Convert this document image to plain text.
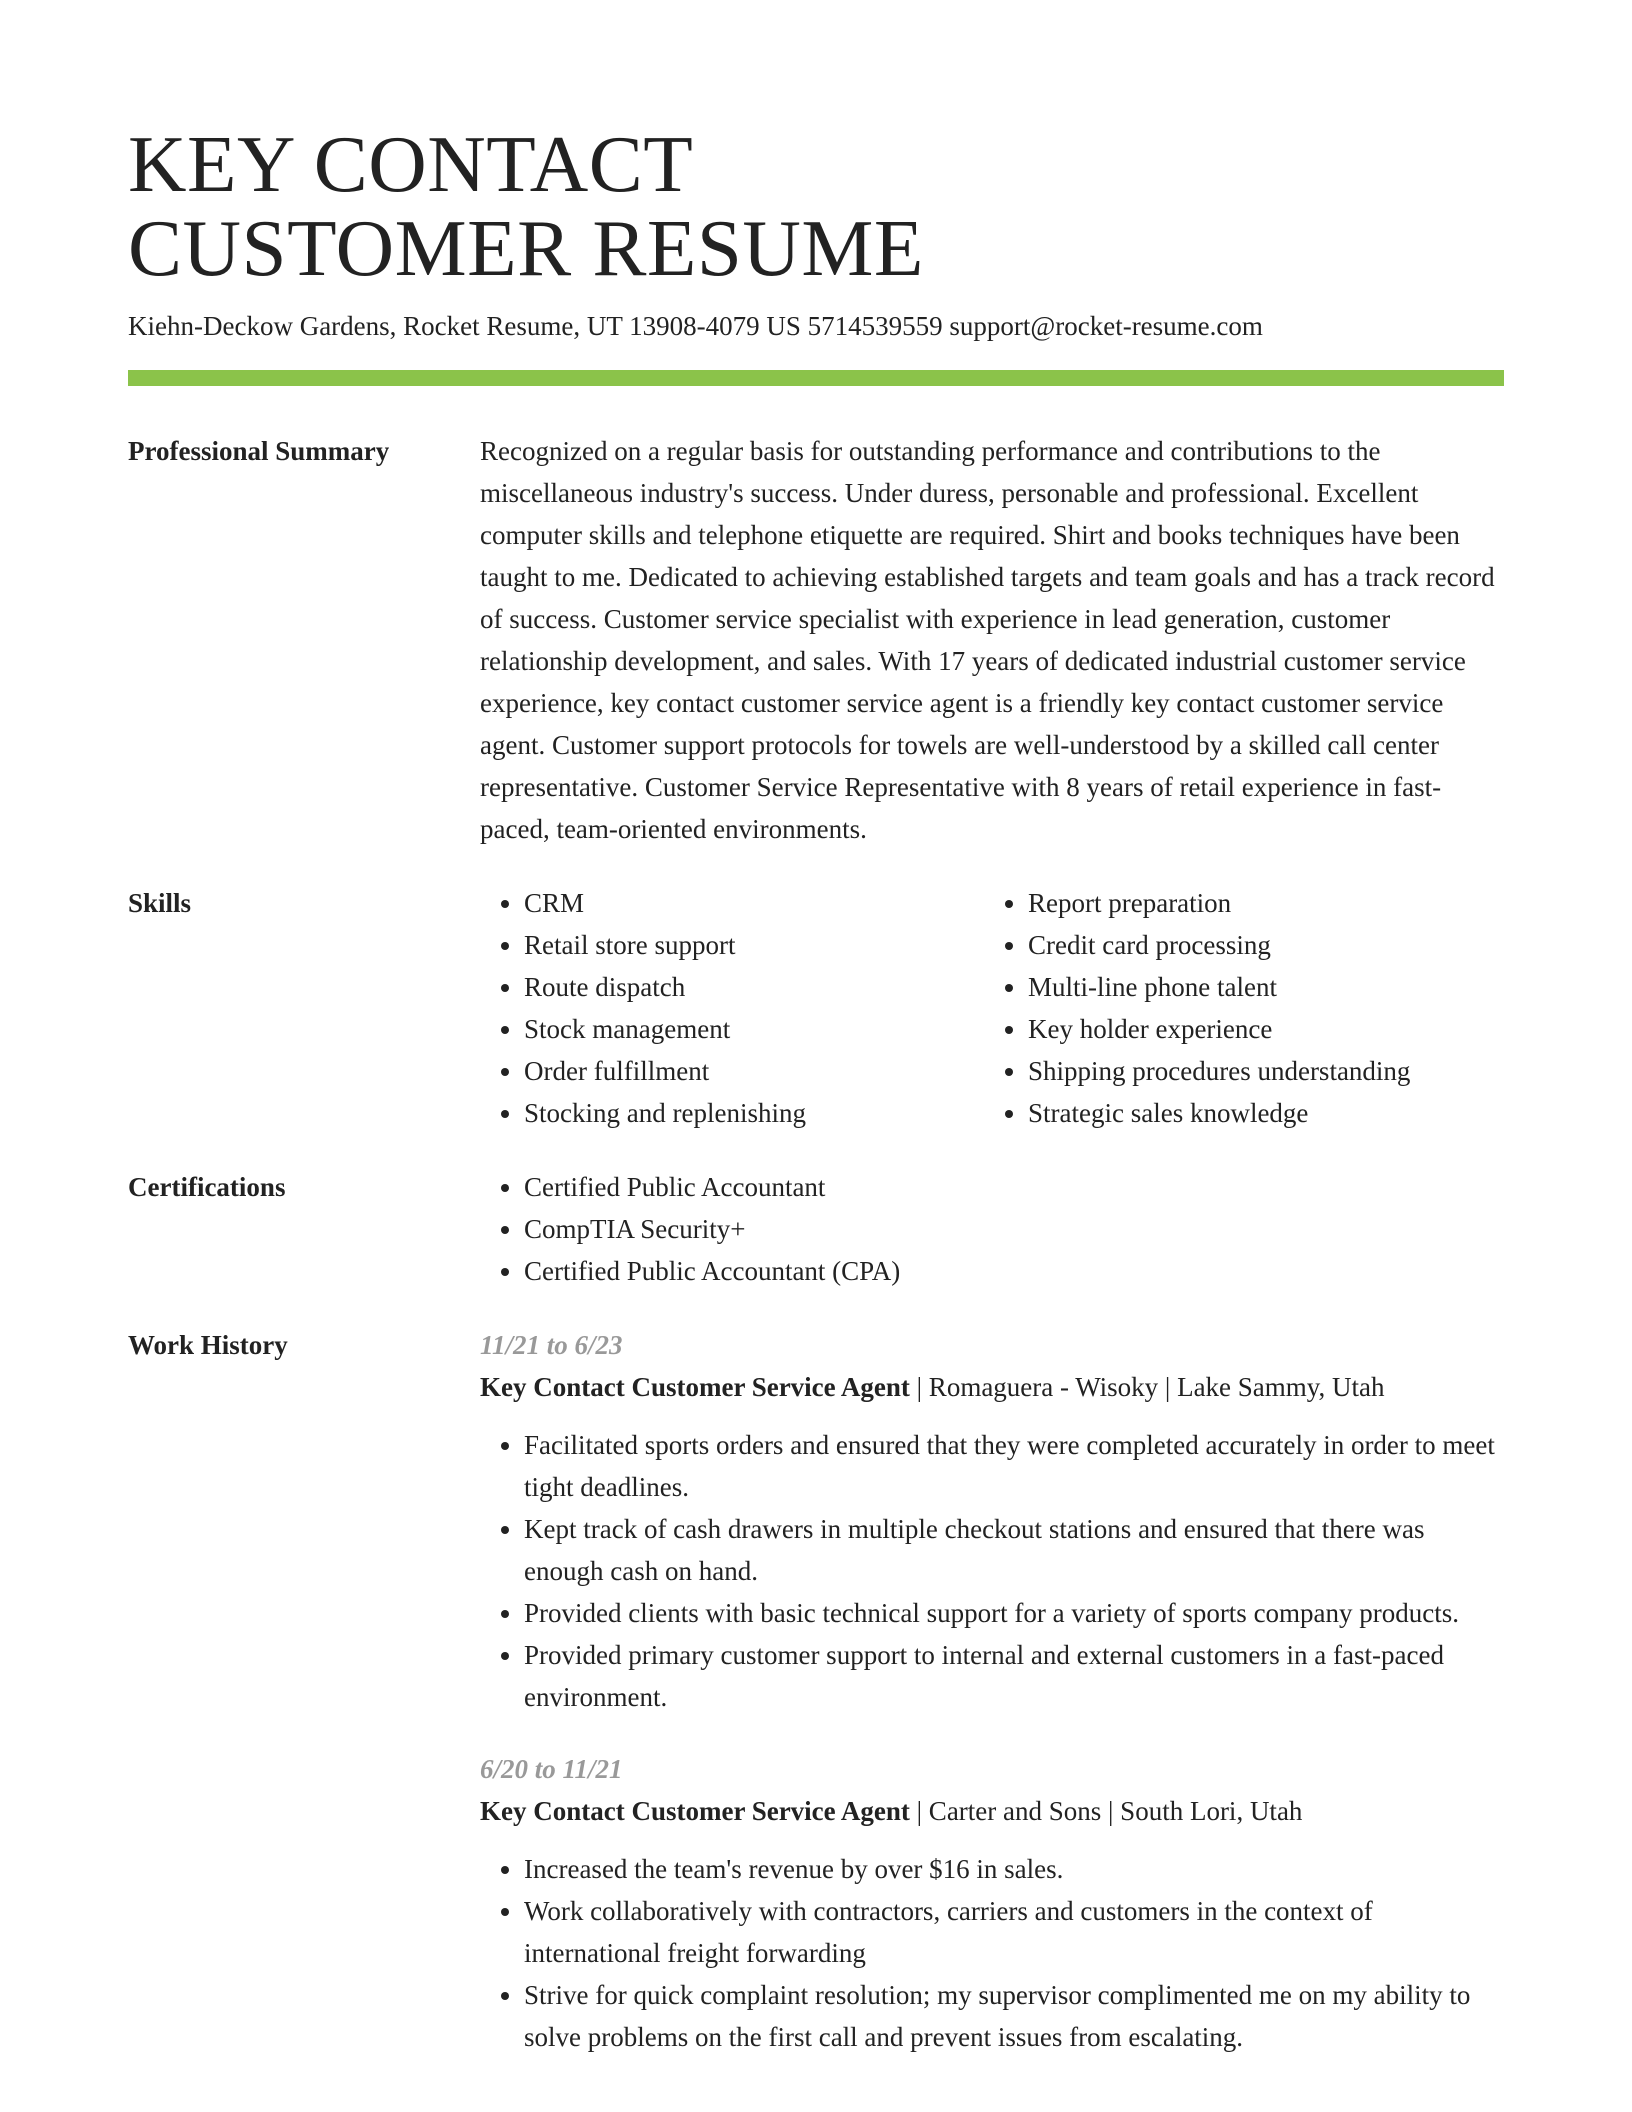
KEY CONTACT
CUSTOMER RESUME
Kiehn-Deckow Gardens, Rocket Resume, UT 13908-4079 US 5714539559 support@rocket-resume.com
Professional Summary	Recognized on a regular basis for outstanding performance and contributions to the miscellaneous industry's success. Under duress, personable and professional. Excellent computer skills and telephone etiquette are required. Shirt and books techniques have been taught to me. Dedicated to achieving established targets and team goals and has a track record of success. Customer service specialist with experience in lead generation, customer relationship development, and sales. With 17 years of dedicated industrial customer service experience, key contact customer service agent is a friendly key contact customer service agent. Customer support protocols for towels are well-understood by a skilled call center representative. Customer Service Representative with 8 years of retail experience in fast-paced, team-oriented environments.

Skills	• CRM
• Retail store support
• Route dispatch
• Stock management
• Order fulfillment
• Stocking and replenishing
• Report preparation
• Credit card processing
• Multi-line phone talent
• Key holder experience
• Shipping procedures understanding
• Strategic sales knowledge
Certifications	• Certified Public Accountant
• CompTIA Security+
• Certified Public Accountant (CPA)
Work History	11/21 to 6/23
Key Contact Customer Service Agent | Romaguera - Wisoky | Lake Sammy, Utah
• Facilitated sports orders and ensured that they were completed accurately in order to meet tight deadlines.
• Kept track of cash drawers in multiple checkout stations and ensured that there was enough cash on hand.
• Provided clients with basic technical support for a variety of sports company products.
• Provided primary customer support to internal and external customers in a fast-paced environment.
6/20 to 11/21
Key Contact Customer Service Agent | Carter and Sons | South Lori, Utah
• Increased the team's revenue by over $16 in sales.
• Work collaboratively with contractors, carriers and customers in the context of international freight forwarding
• Strive for quick complaint resolution; my supervisor complimented me on my ability to solve problems on the first call and prevent issues from escalating.
